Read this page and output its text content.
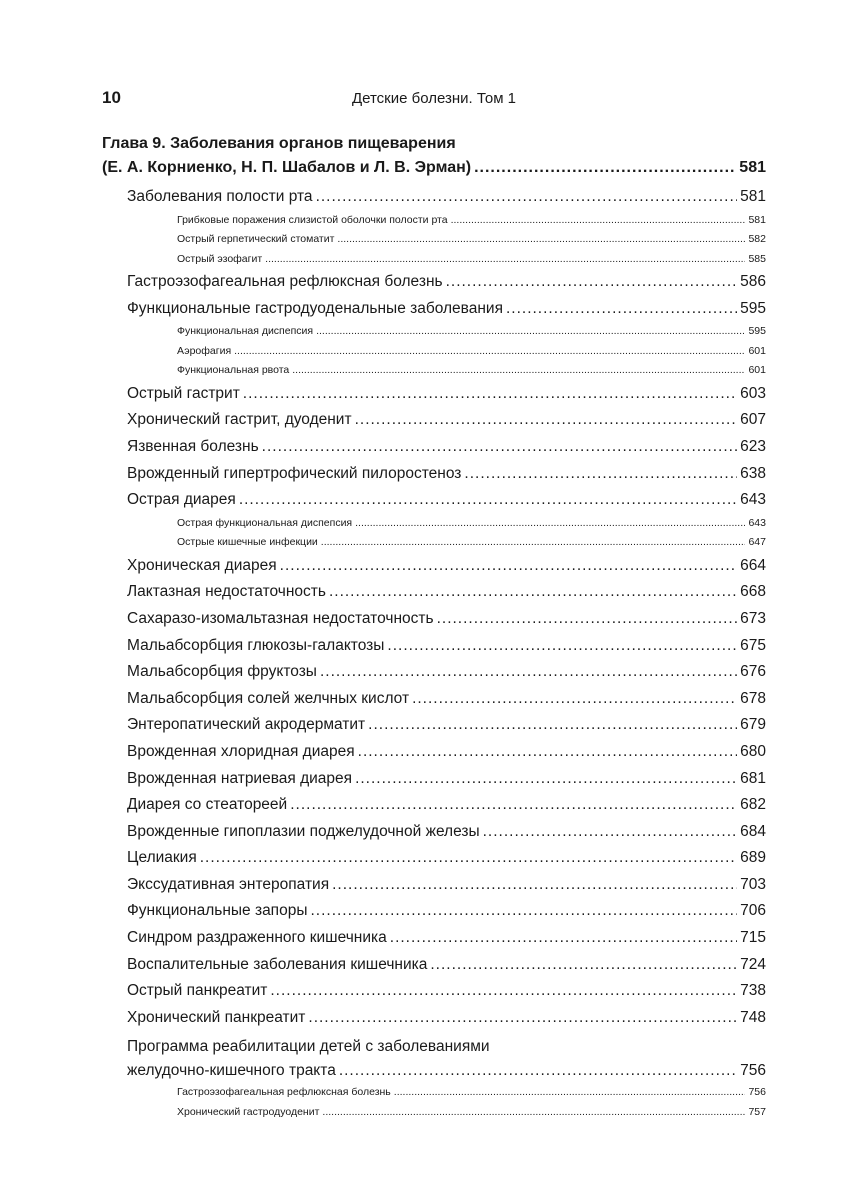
10	Детские болезни. Том 1
Глава 9. Заболевания органов пищеварения
(Е. А. Корниенко, Н. П. Шабалов и Л. В. Эрман) .....	581
Заболевания полости рта .....	581
Грибковые поражения слизистой оболочки полости рта .....	581
Острый герпетический стоматит .....	582
Острый эзофагит .....	585
Гастроэзофагеальная рефлюксная болезнь .....	586
Функциональные гастродуоденальные заболевания .....	595
Функциональная диспепсия .....	595
Аэрофагия .....	601
Функциональная рвота .....	601
Острый гастрит .....	603
Хронический гастрит, дуоденит .....	607
Язвенная болезнь .....	623
Врожденный гипертрофический пилоростеноз .....	638
Острая диарея .....	643
Острая функциональная диспепсия .....	643
Острые кишечные инфекции .....	647
Хроническая диарея .....	664
Лактазная недостаточность .....	668
Сахаразо-изомальтазная недостаточность .....	673
Мальабсорбция глюкозы-галактозы .....	675
Мальабсорбция фруктозы .....	676
Мальабсорбция солей желчных кислот .....	678
Энтеропатический акродерматит .....	679
Врожденная хлоридная диарея .....	680
Врожденная натриевая диарея .....	681
Диарея со стеатореей .....	682
Врожденные гипоплазии поджелудочной железы .....	684
Целиакия .....	689
Экссудативная энтеропатия .....	703
Функциональные запоры .....	706
Синдром раздраженного кишечника .....	715
Воспалительные заболевания кишечника .....	724
Острый панкреатит .....	738
Хронический панкреатит .....	748
Программа реабилитации детей с заболеваниями
желудочно-кишечного тракта .....	756
Гастроэзофагеальная рефлюксная болезнь .....	756
Хронический гастродуоденит .....	757
